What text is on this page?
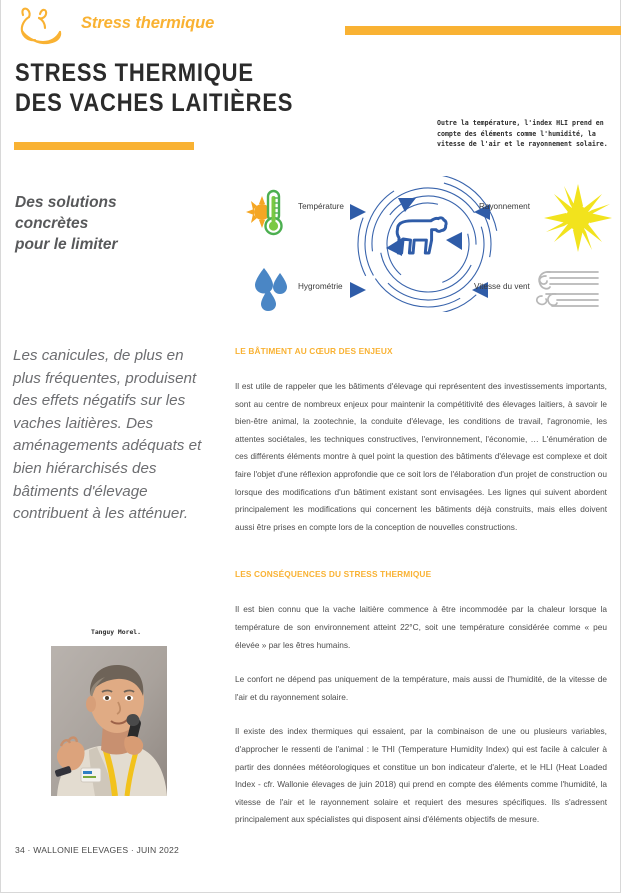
Stress thermique
STRESS THERMIQUE
DES VACHES LAITIÈRES
Outre la température, l'index HLI prend en compte des éléments comme l'humidité, la vitesse de l'air et le rayonnement solaire.
Des solutions
concrètes
pour le limiter
Les canicules, de plus en plus fréquentes, produisent des effets négatifs sur les vaches laitières. Des aménagements adéquats et bien hiérarchisés des bâtiments d'élevage contribuent à les atténuer.
Tanguy Morel.
34 · WALLONIE ELEVAGES · JUIN 2022
Température
Hygrométrie
Rayonnement
Vitesse du vent
LE BÂTIMENT AU CŒUR DES ENJEUX

Il est utile de rappeler que les bâtiments d'élevage qui représentent des investissements importants, sont au centre de nombreux enjeux pour maintenir la compétitivité des élevages laitiers, à savoir le bien-être animal, la zootechnie, la conduite d'élevage, les conditions de travail, l'agronomie, les attentes sociétales, les techniques constructives, l'environnement, l'économie, … L'énumération de ces différents éléments montre à quel point la question des bâtiments d'élevage est complexe et doit faire l'objet d'une réflexion approfondie que ce soit lors de l'élaboration d'un projet de construction ou lorsque des modifications d'un bâtiment existant sont envisagées. Les lignes qui suivent abordent principalement les modifications qui concernent les bâtiments déjà construits, mais elles doivent aussi être prises en compte lors de la conception de nouvelles constructions.

LES CONSÉQUENCES DU STRESS THERMIQUE

Il est bien connu que la vache laitière commence à être incommodée par la chaleur lorsque la température de son environnement atteint 22°C, soit une température considérée comme « peu élevée » par les êtres humains.

Le confort ne dépend pas uniquement de la température, mais aussi de l'humidité, de la vitesse de l'air et du rayonnement solaire.

Il existe des index thermiques qui essaient, par la combinaison de une ou plusieurs variables, d'approcher le ressenti de l'animal : le THI (Temperature Humidity Index) qui est facile à calculer à partir des données météorologiques et constitue un bon indicateur d'alerte, et le HLI (Heat Loaded Index - cfr. Wallonie élevages de juin 2018) qui prend en compte des éléments comme l'humidité, la vitesse de l'air et le rayonnement solaire et requiert des mesures spécifiques. Ils s'adressent principalement aux spécialistes qui disposent ainsi d'éléments objectifs de mesure.
